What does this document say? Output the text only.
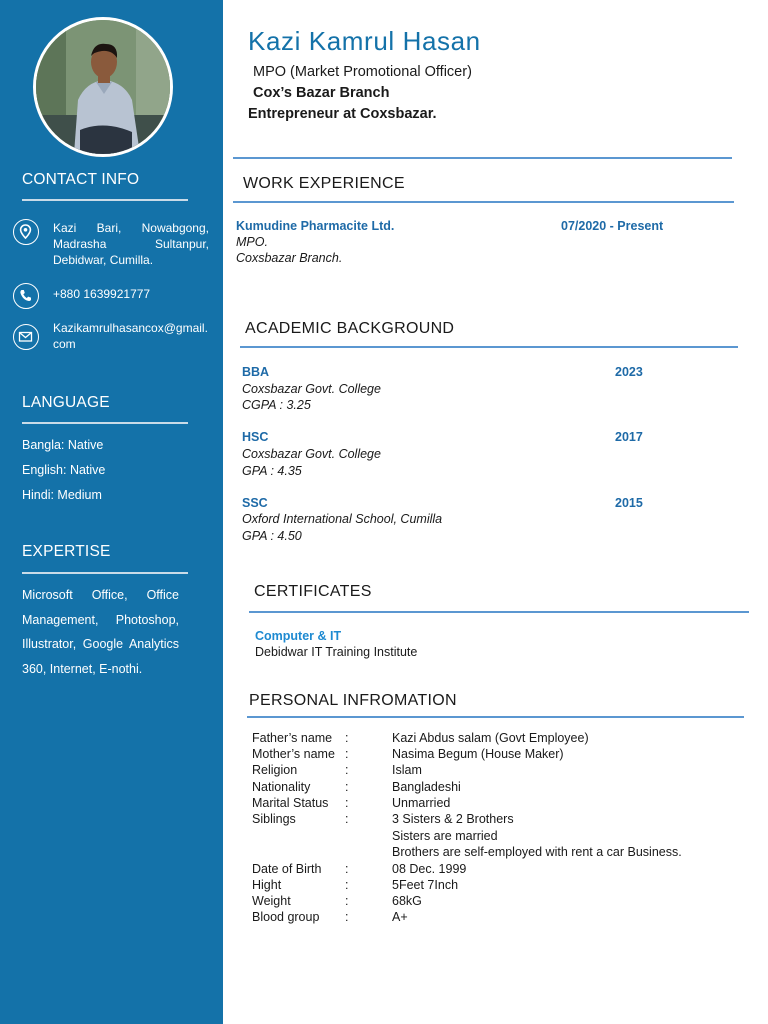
CONTACT INFO
Kazi Bari, Nowabgong, Madrasha Sultanpur, Debidwar, Cumilla.
+880 1639921777
Kazikamrulhasancox@gmail.com
LANGUAGE
Bangla: Native
English: Native
Hindi: Medium
EXPERTISE
Microsoft Office, Office Management, Photoshop, Illustrator, Google Analytics 360, Internet, E-nothi.
Kazi Kamrul Hasan
MPO (Market Promotional Officer)
Cox’s Bazar Branch
Entrepreneur at Coxsbazar.
WORK EXPERIENCE
Kumudine Pharmacite Ltd.	07/2020 - Present
MPO.
Coxsbazar Branch.
ACADEMIC BACKGROUND
BBA	2023
Coxsbazar Govt. College
CGPA : 3.25
HSC	2017
Coxsbazar Govt. College
GPA : 4.35
SSC	2015
Oxford International School, Cumilla
GPA : 4.50
CERTIFICATES
Computer & IT
Debidwar IT Training Institute
PERSONAL INFROMATION
Father’s name :	Kazi Abdus salam (Govt Employee)
Mother’s name :	Nasima Begum (House Maker)
Religion	:	Islam
Nationality	:	Bangladeshi
Marital Status :	Unmarried
Siblings	:	3 Sisters & 2 Brothers
Sisters are married
Brothers are self-employed with rent a car Business.
Date of Birth :	08 Dec. 1999
Hight	:	5Feet 7Inch
Weight	:	68kG
Blood group :	A+
